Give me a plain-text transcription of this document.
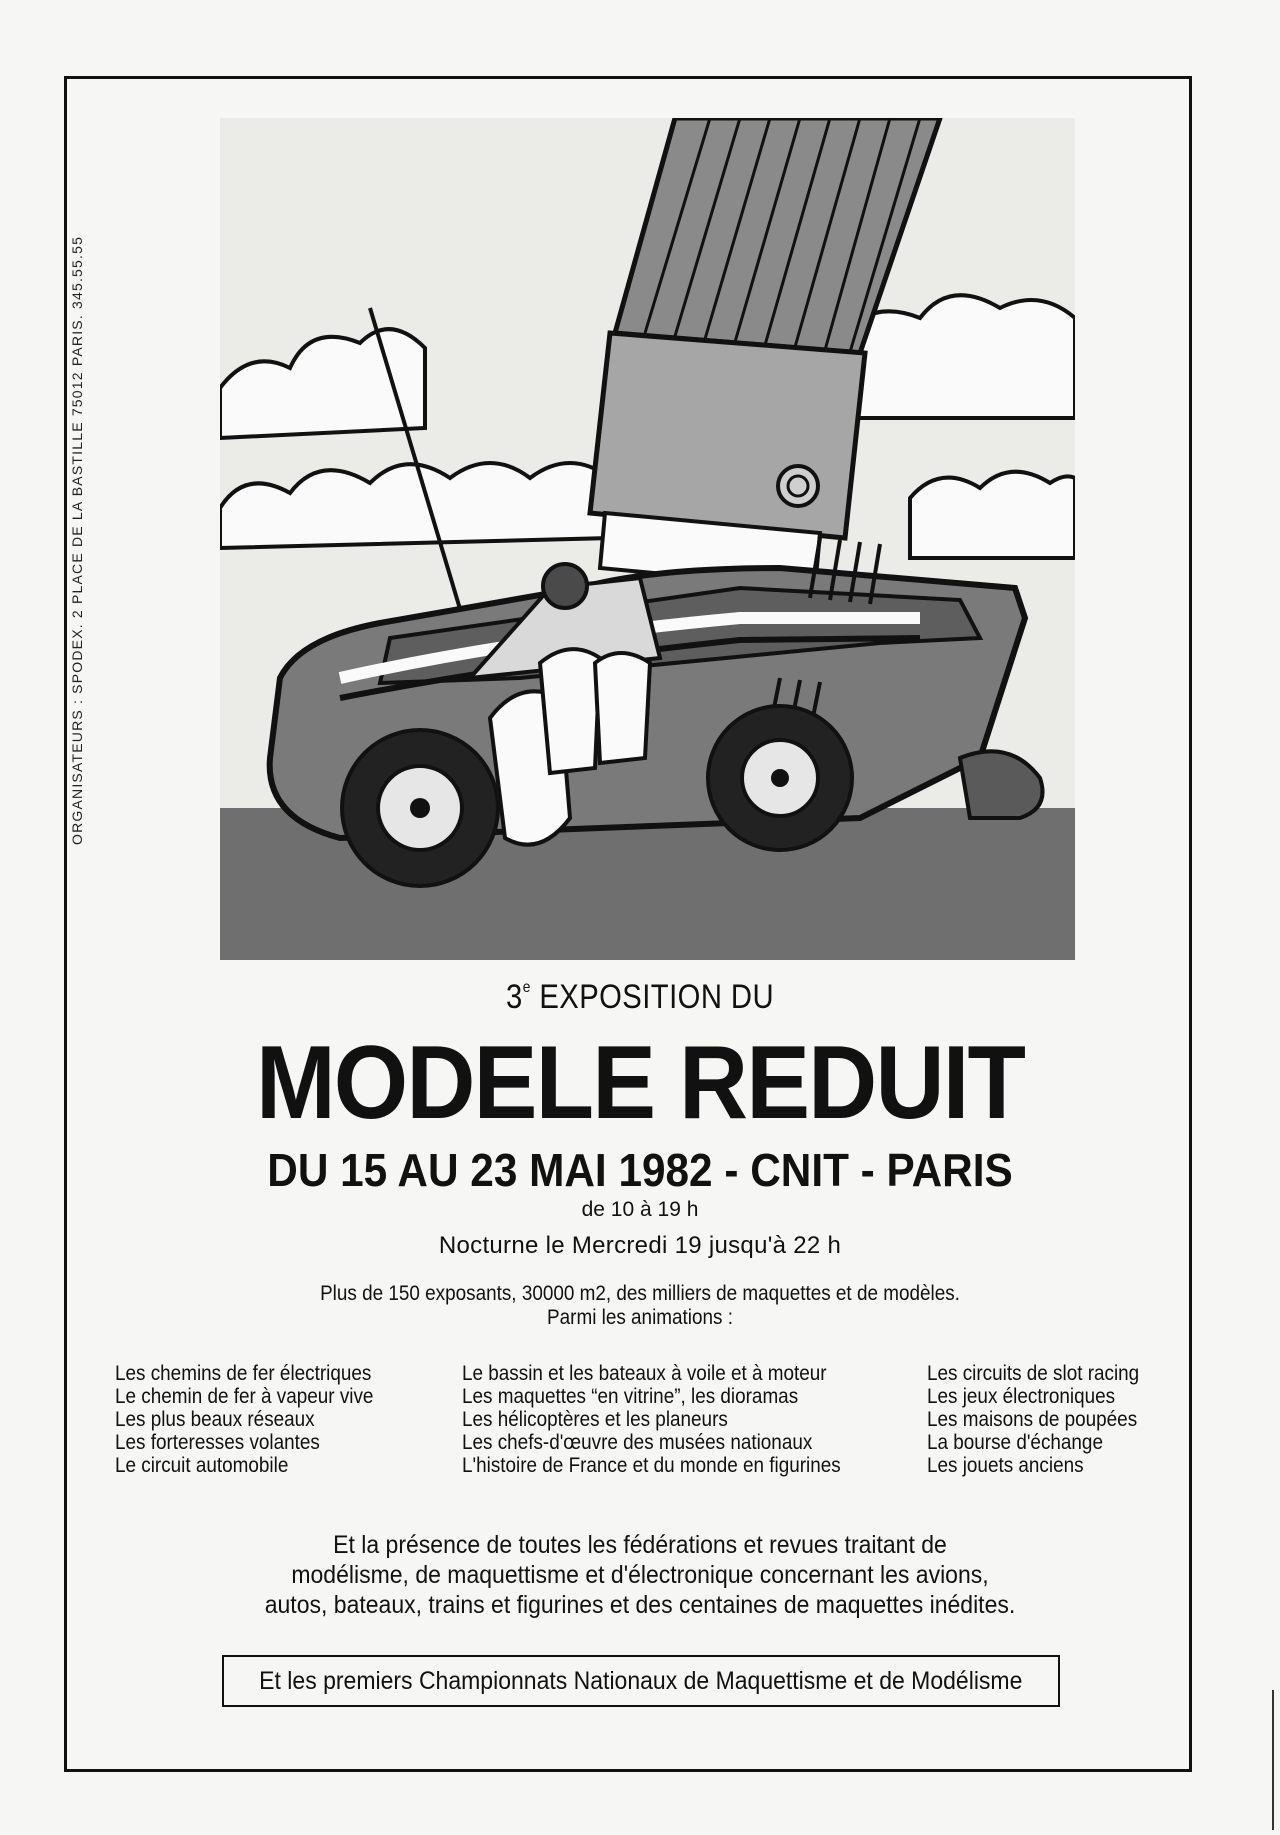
ORGANISATEURS : SPODEX. 2 PLACE DE LA BASTILLE 75012 PARIS. 345.55.55
3e EXPOSITION DU
MODELE REDUIT
DU 15 AU 23 MAI 1982 - CNIT - PARIS
de 10 à 19 h
Nocturne le Mercredi 19 jusqu'à 22 h
Plus de 150 exposants, 30000 m2, des milliers de maquettes et de modèles.
Parmi les animations :
Les chemins de fer électriques
Le chemin de fer à vapeur vive
Les plus beaux réseaux
Les forteresses volantes
Le circuit automobile
Le bassin et les bateaux à voile et à moteur
Les maquettes “en vitrine”, les dioramas
Les hélicoptères et les planeurs
Les chefs-d'œuvre des musées nationaux
L'histoire de France et du monde en figurines
Les circuits de slot racing
Les jeux électroniques
Les maisons de poupées
La bourse d'échange
Les jouets anciens
Et la présence de toutes les fédérations et revues traitant de
modélisme, de maquettisme et d'électronique concernant les avions,
autos, bateaux, trains et figurines et des centaines de maquettes inédites.
Et les premiers Championnats Nationaux de Maquettisme et de Modélisme
